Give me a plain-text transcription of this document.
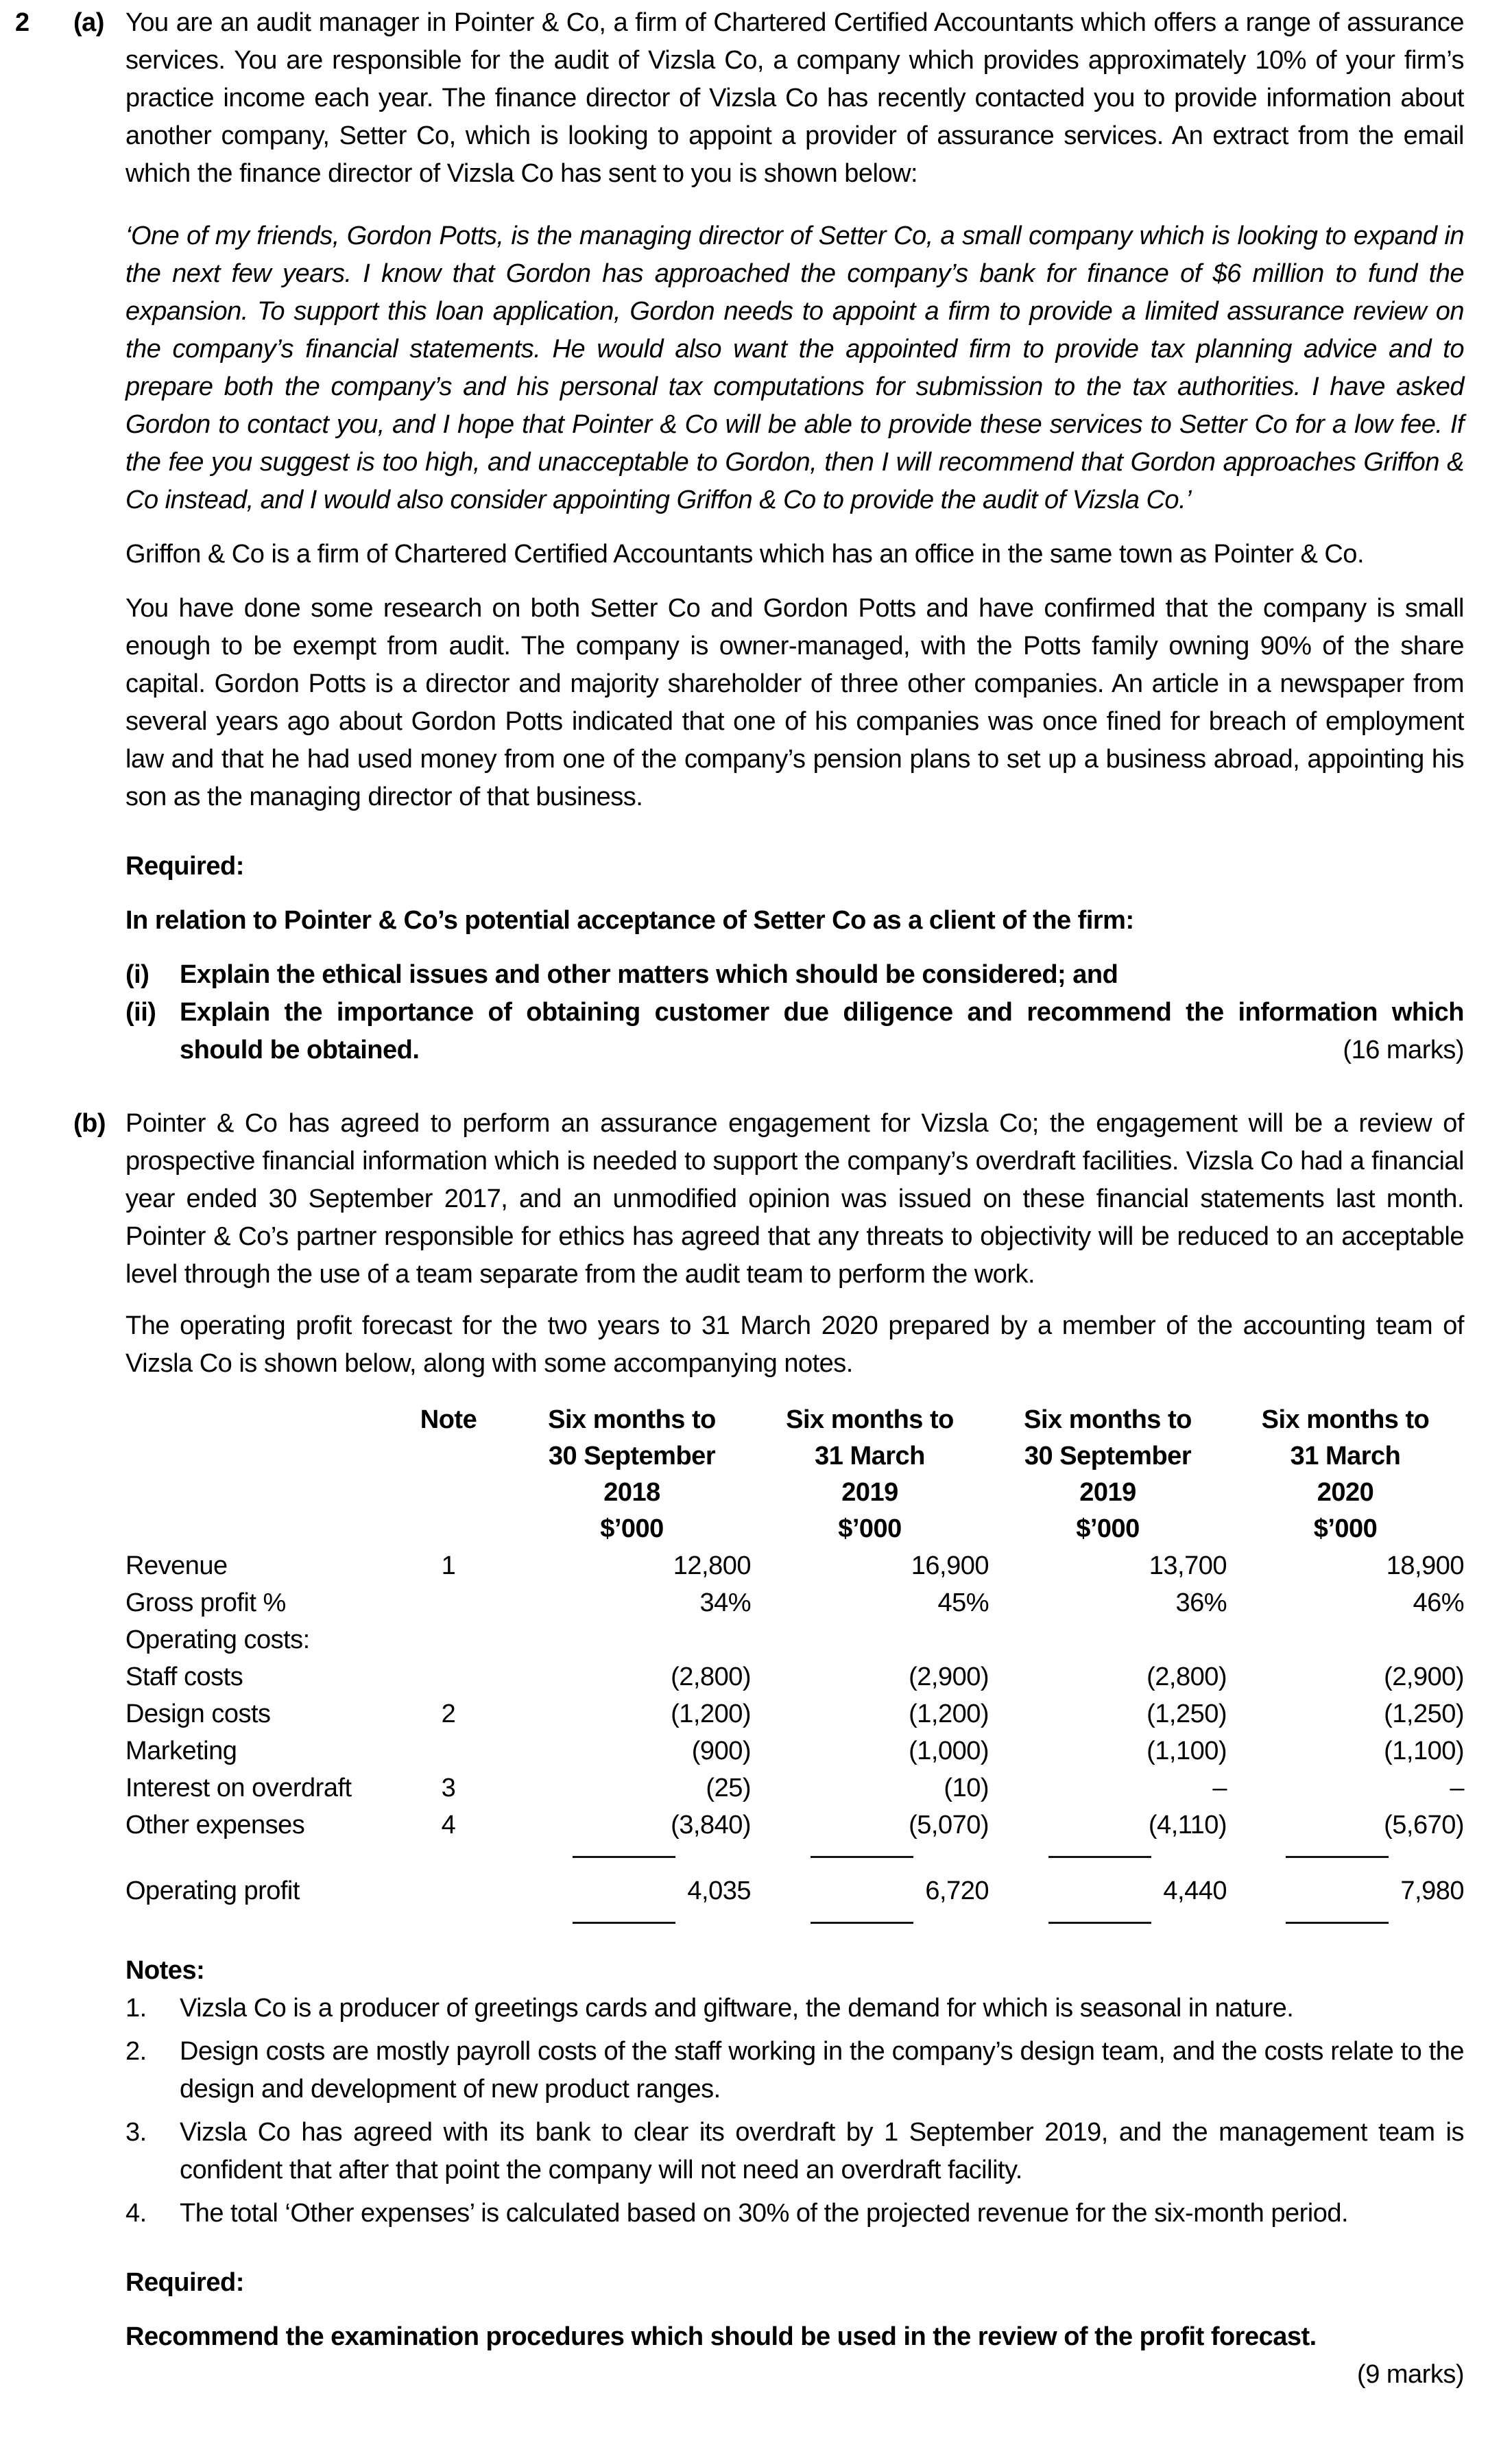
2 (a) You are an audit manager in Pointer & Co, a firm of Chartered Certified Accountants which offers a range of assurance services. You are responsible for the audit of Vizsla Co, a company which provides approximately 10% of your firm’s practice income each year. The finance director of Vizsla Co has recently contacted you to provide information about another company, Setter Co, which is looking to appoint a provider of assurance services. An extract from the email which the finance director of Vizsla Co has sent to you is shown below:

‘One of my friends, Gordon Potts, is the managing director of Setter Co, a small company which is looking to expand in the next few years. I know that Gordon has approached the company’s bank for finance of $6 million to fund the expansion. To support this loan application, Gordon needs to appoint a firm to provide a limited assurance review on the company’s financial statements. He would also want the appointed firm to provide tax planning advice and to prepare both the company’s and his personal tax computations for submission to the tax authorities. I have asked Gordon to contact you, and I hope that Pointer & Co will be able to provide these services to Setter Co for a low fee. If the fee you suggest is too high, and unacceptable to Gordon, then I will recommend that Gordon approaches Griffon & Co instead, and I would also consider appointing Griffon & Co to provide the audit of Vizsla Co.’

Griffon & Co is a firm of Chartered Certified Accountants which has an office in the same town as Pointer & Co.

You have done some research on both Setter Co and Gordon Potts and have confirmed that the company is small enough to be exempt from audit. The company is owner-managed, with the Potts family owning 90% of the share capital. Gordon Potts is a director and majority shareholder of three other companies. An article in a newspaper from several years ago about Gordon Potts indicated that one of his companies was once fined for breach of employment law and that he had used money from one of the company’s pension plans to set up a business abroad, appointing his son as the managing director of that business.

Required:

In relation to Pointer & Co’s potential acceptance of Setter Co as a client of the firm:

(i)	Explain the ethical issues and other matters which should be considered; and
(ii) Explain the importance of obtaining customer due diligence and recommend the information which should be obtained.	(16 marks)
(b) Pointer & Co has agreed to perform an assurance engagement for Vizsla Co; the engagement will be a review of prospective financial information which is needed to support the company’s overdraft facilities. Vizsla Co had a financial year ended 30 September 2017, and an unmodified opinion was issued on these financial statements last month. Pointer & Co’s partner responsible for ethics has agreed that any threats to objectivity will be reduced to an acceptable level through the use of a team separate from the audit team to perform the work.

The operating profit forecast for the two years to 31 March 2020 prepared by a member of the accounting team of Vizsla Co is shown below, along with some accompanying notes.

Note	Six months to
30 September
2018
$’000

Six months to
31 March
2019
$’000

Six months to
30 September
2019
$’000

Six months to
31 March
2020
$’000

Revenue	1	12,800	16,900	13,700	18,900
Gross profit %		34%	45%	36%	46%
Operating costs:					
Staff costs		(2,800)	(2,900)	(2,800)	(2,900)
Design costs	2	(1,200)	(1,200)	(1,250)	(1,250)
Marketing		(900)	(1,000)	(1,100)	(1,100)
Interest on overdraft	3	(25)	(10)	–	–
Other expenses	4	(3,840)	(5,070)	(4,110)	(5,670)

Operating profit		4,035	6,720	4,440	7,980

Notes:

1.	Vizsla Co is a producer of greetings cards and giftware, the demand for which is seasonal in nature.
2.	Design costs are mostly payroll costs of the staff working in the company’s design team, and the costs relate to the design and development of new product ranges.
3.	Vizsla Co has agreed with its bank to clear its overdraft by 1 September 2019, and the management team is confident that after that point the company will not need an overdraft facility.
4.	The total ‘Other expenses’ is calculated based on 30% of the projected revenue for the six-month period.

Required:

Recommend the examination procedures which should be used in the review of the profit forecast.

(9 marks)
